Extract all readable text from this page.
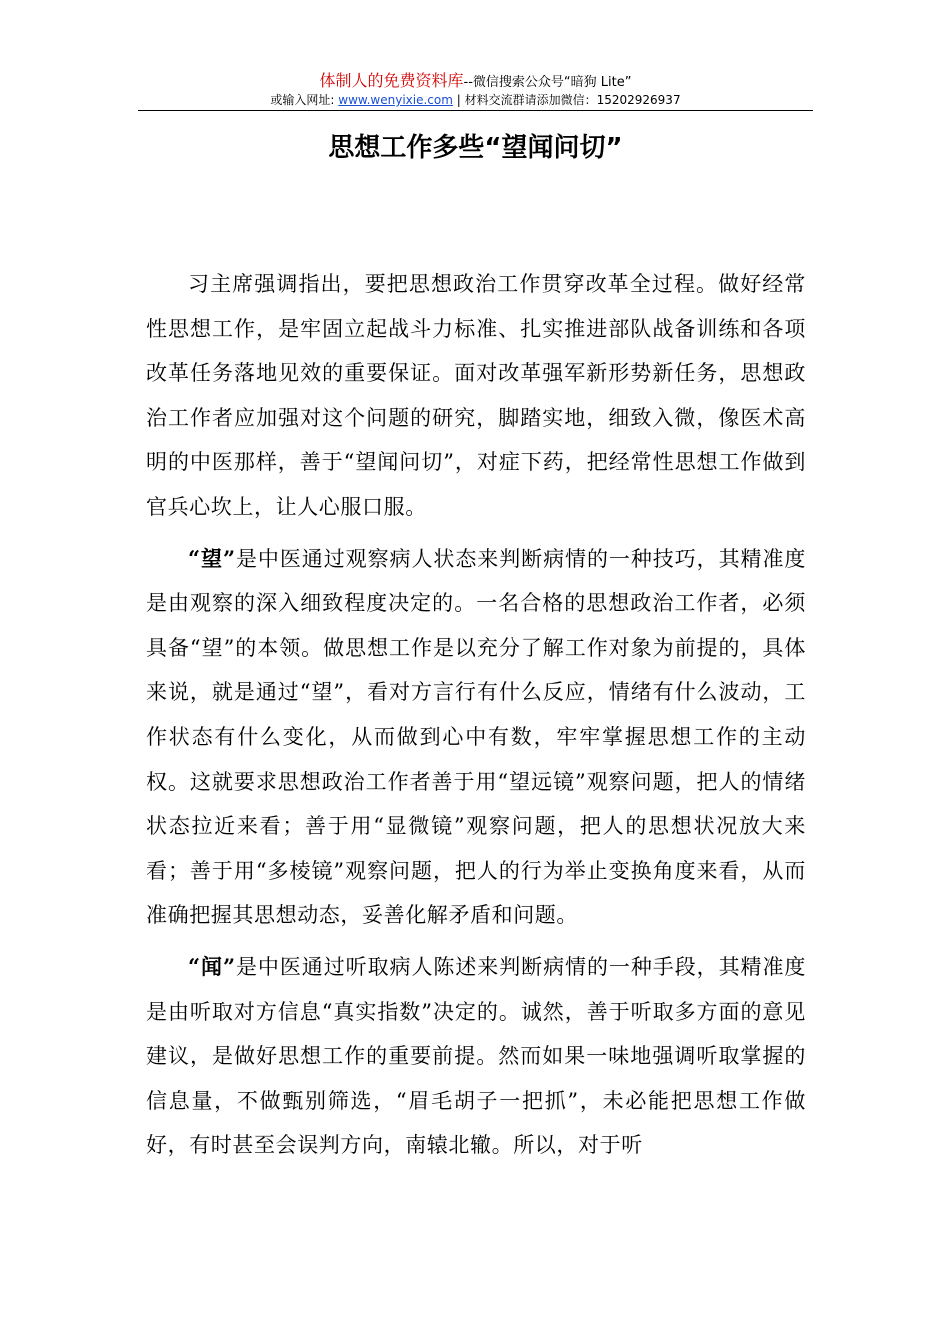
体制人的免费资料库--微信搜索公众号“暗狗 Lite”
或输入网址: www.wenyixie.com | 材料交流群请添加微信：15202926937
思想工作多些“望闻问切”

习主席强调指出，要把思想政治工作贯穿改革全过程。做好经常性思想工作，是牢固立起战斗力标准、扎实推进部队战备训练和各项改革任务落地见效的重要保证。面对改革强军新形势新任务，思想政治工作者应加强对这个问题的研究，脚踏实地，细致入微，像医术高明的中医那样，善于“望闻问切”，对症下药，把经常性思想工作做到官兵心坎上，让人心服口服。

“望”是中医通过观察病人状态来判断病情的一种技巧，其精准度是由观察的深入细致程度决定的。一名合格的思想政治工作者，必须具备“望”的本领。做思想工作是以充分了解工作对象为前提的，具体来说，就是通过“望”，看对方言行有什么反应，情绪有什么波动，工作状态有什么变化，从而做到心中有数，牢牢掌握思想工作的主动权。这就要求思想政治工作者善于用“望远镜”观察问题，把人的情绪状态拉近来看；善于用“显微镜”观察问题，把人的思想状况放大来看；善于用“多棱镜”观察问题，把人的行为举止变换角度来看，从而准确把握其思想动态，妥善化解矛盾和问题。

“闻”是中医通过听取病人陈述来判断病情的一种手段，其精准度是由听取对方信息“真实指数”决定的。诚然，善于听取多方面的意见建议，是做好思想工作的重要前提。然而如果一味地强调听取掌握的信息量，不做甄别筛选，“眉毛胡子一把抓”，未必能把思想工作做好，有时甚至会误判方向，南辕北辙。所以，对于听
